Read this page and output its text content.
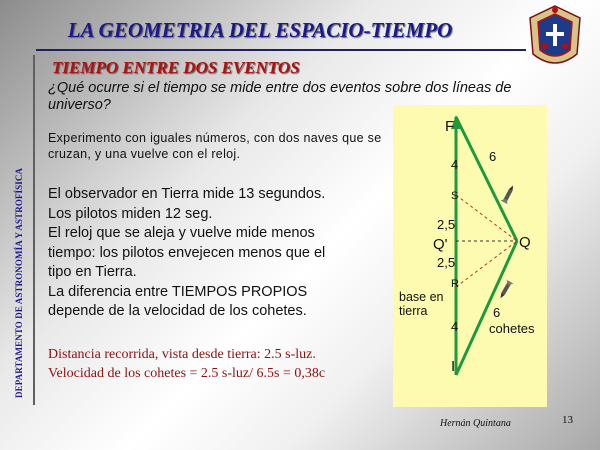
LA GEOMETRIA DEL ESPACIO-TIEMPO
DEPARTAMENTO DE ASTRONOMÍA Y ASTROFÍSICA
TIEMPO ENTRE DOS EVENTOS
¿Qué ocurre si el tiempo se mide entre dos eventos sobre dos líneas de universo?
Experimento con iguales números, con dos naves que se cruzan, y una vuelve con el reloj.
El observador en Tierra mide 13 segundos.
Los pilotos miden 12 seg.
El reloj que se aleja y vuelve mide menos
tiempo: los pilotos envejecen menos que el
tipo en Tierra.
La diferencia entre TIEMPOS PROPIOS
depende de la velocidad de los cohetes.
Distancia recorrida, vista desde tierra: 2.5 s-luz.
Velocidad de los cohetes = 2.5 s-luz/ 6.5s = 0,38c
F
I
Q
Q'
S
R
4
4
2,5
2,5
6
6
cohetes
base en
tierra
Hernán Quintana	13
